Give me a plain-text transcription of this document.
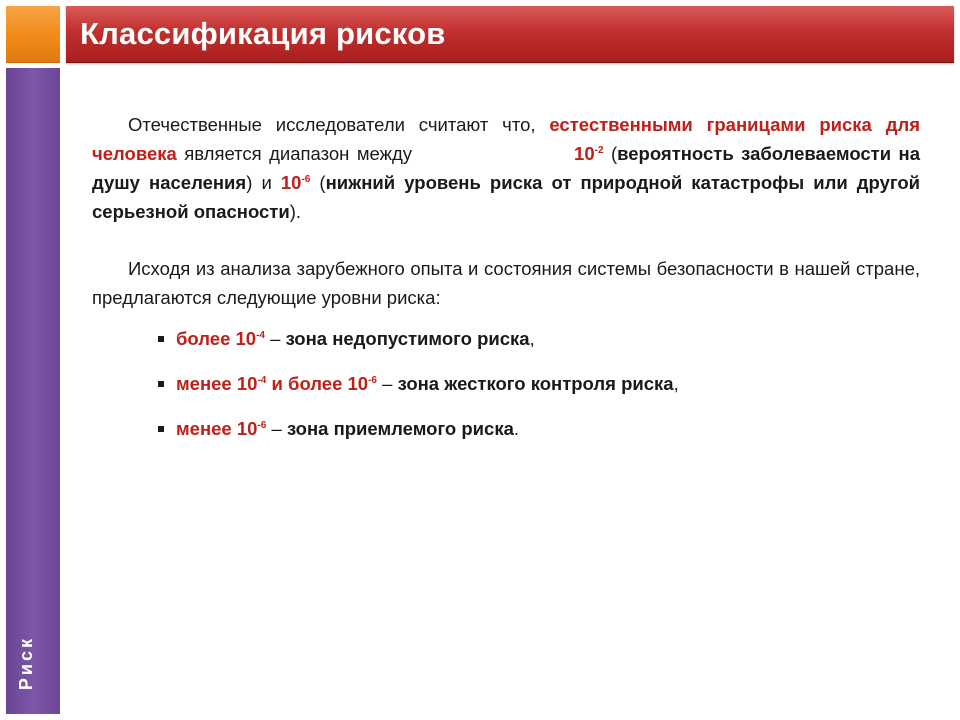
Классификация рисков
Риск

Отечественные исследователи считают что, естественными границами риска для человека является диапазон между	$10^{-2}$ (вероятность заболеваемости на душу населения) и $10^{-6}$ (нижний уровень риска от природной катастрофы или другой серьезной опасности).

Исходя из анализа зарубежного опыта и состояния системы безопасности в нашей стране, предлагаются следующие уровни риска:

более $10^{-4}$ – зона недопустимого риска,
менее $10^{-4}$ и более $10^{-6}$ – зона жесткого контроля риска,
менее $10^{-6}$ – зона приемлемого риска.
